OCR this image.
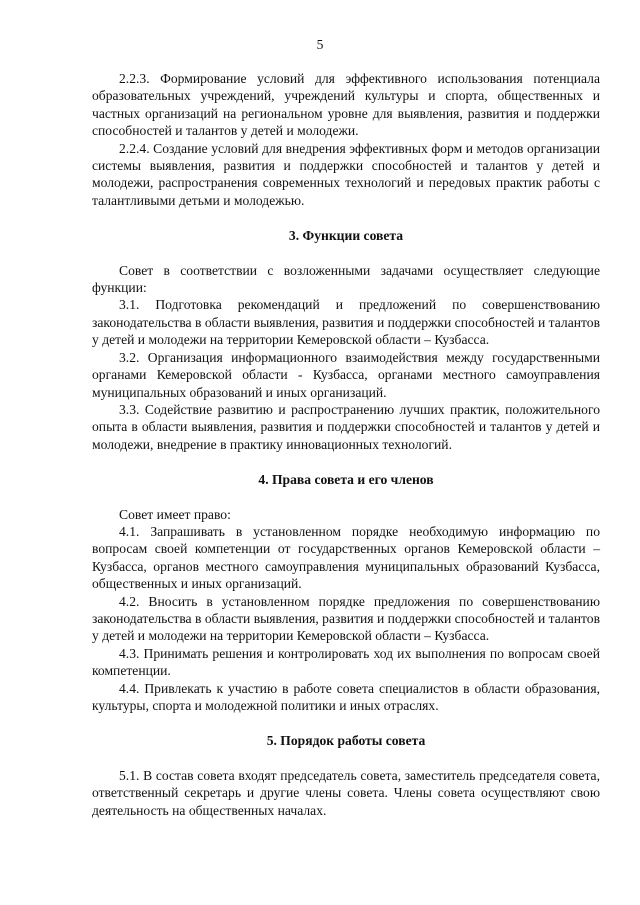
5

2.2.3. Формирование условий для эффективного использования потенциала образовательных учреждений, учреждений культуры и спорта, общественных и частных организаций на региональном уровне для выявления, развития и поддержки способностей и талантов у детей и молодежи.

2.2.4. Создание условий для внедрения эффективных форм и методов организации системы выявления, развития и поддержки способностей и талантов у детей и молодежи, распространения современных технологий и передовых практик работы с талантливыми детьми и молодежью.

3. Функции совета

Совет в соответствии с возложенными задачами осуществляет следующие функции:

3.1. Подготовка рекомендаций и предложений по совершенствованию законодательства в области выявления, развития и поддержки способностей и талантов у детей и молодежи на территории Кемеровской области – Кузбасса.

3.2. Организация информационного взаимодействия между государственными органами Кемеровской области - Кузбасса, органами местного самоуправления муниципальных образований и иных организаций.

3.3. Содействие развитию и распространению лучших практик, положительного опыта в области выявления, развития и поддержки способностей и талантов у детей и молодежи, внедрение в практику инновационных технологий.

4. Права совета и его членов

Совет имеет право:

4.1. Запрашивать в установленном порядке необходимую информацию по вопросам своей компетенции от государственных органов Кемеровской области – Кузбасса, органов местного самоуправления муниципальных образований Кузбасса, общественных и иных организаций.

4.2. Вносить в установленном порядке предложения по совершенствованию законодательства в области выявления, развития и поддержки способностей и талантов у детей и молодежи на территории Кемеровской области – Кузбасса.

4.3. Принимать решения и контролировать ход их выполнения по вопросам своей компетенции.

4.4. Привлекать к участию в работе совета специалистов в области образования, культуры, спорта и молодежной политики и иных отраслях.

5. Порядок работы совета

5.1. В состав совета входят председатель совета, заместитель председателя совета, ответственный секретарь и другие члены совета. Члены совета осуществляют свою деятельность на общественных началах.
